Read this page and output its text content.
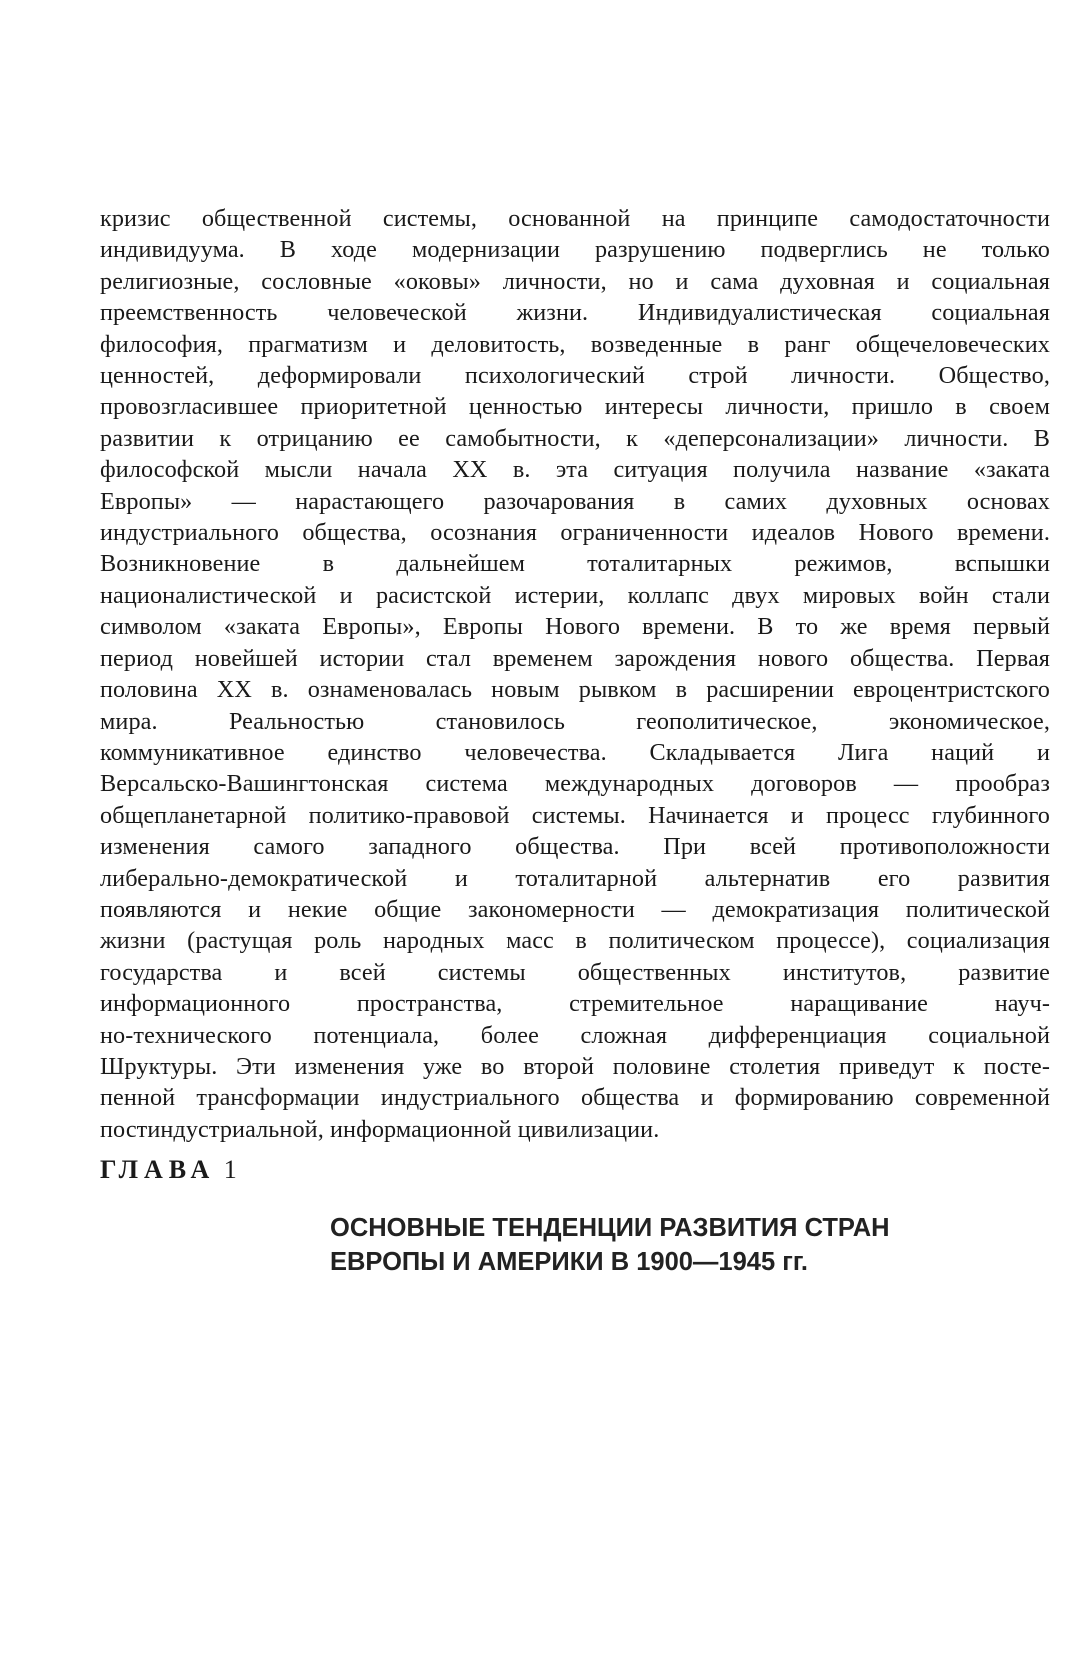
кризис общественной системы, основанной на принципе самодостаточности
индивидуума. В ходе модернизации разрушению подверглись не только
религиозные, сословные «оковы» личности, но и сама духовная и социальная
преемственность человеческой жизни. Индивидуалистическая социальная
философия, прагматизм и деловитость, возведенные в ранг общечеловеческих
ценностей, деформировали психологический строй личности. Общество,
провозгласившее приоритетной ценностью интересы личности, пришло в своем
развитии к отрицанию ее самобытности, к «деперсонализации» личности. В
философской мысли начала XX в. эта ситуация получила название «заката
Европы» — нарастающего разочарования в самих духовных основах
индустриального общества, осознания ограниченности идеалов Нового времени.
Возникновение в дальнейшем тоталитарных режимов, вспышки
националистической и расистской истерии, коллапс двух мировых войн стали
символом «заката Европы», Европы Нового времени. В то же время первый
период новейшей истории стал временем зарождения нового общества. Первая
половина XX в. ознаменовалась новым рывком в расширении евроцентристского
мира. Реальностью становилось геополитическое, экономическое,
коммуникативное единство человечества. Складывается Лига наций и
Версальско-Вашингтонская система международных договоров — прообраз
общепланетарной политико-правовой системы. Начинается и процесс глубинного
изменения самого западного общества. При всей противоположности
либерально-демократической и тоталитарной альтернатив его развития
появляются и некие общие закономерности — демократизация политической
жизни (растущая роль народных масс в политическом процессе), социализация
государства и всей системы общественных институтов, развитие
информационного пространства, стремительное наращивание науч-
но-технического потенциала, более сложная дифференциация социальной
Шруктуры. Эти изменения уже во второй половине столетия приведут к посте-
пенной трансформации индустриального общества и формированию современной
постиндустриальной, информационной цивилизации.

ГЛАВА 1
ОСНОВНЫЕ ТЕНДЕНЦИИ РАЗВИТИЯ СТРАН
ЕВРОПЫ И АМЕРИКИ В 1900—1945 гг.
